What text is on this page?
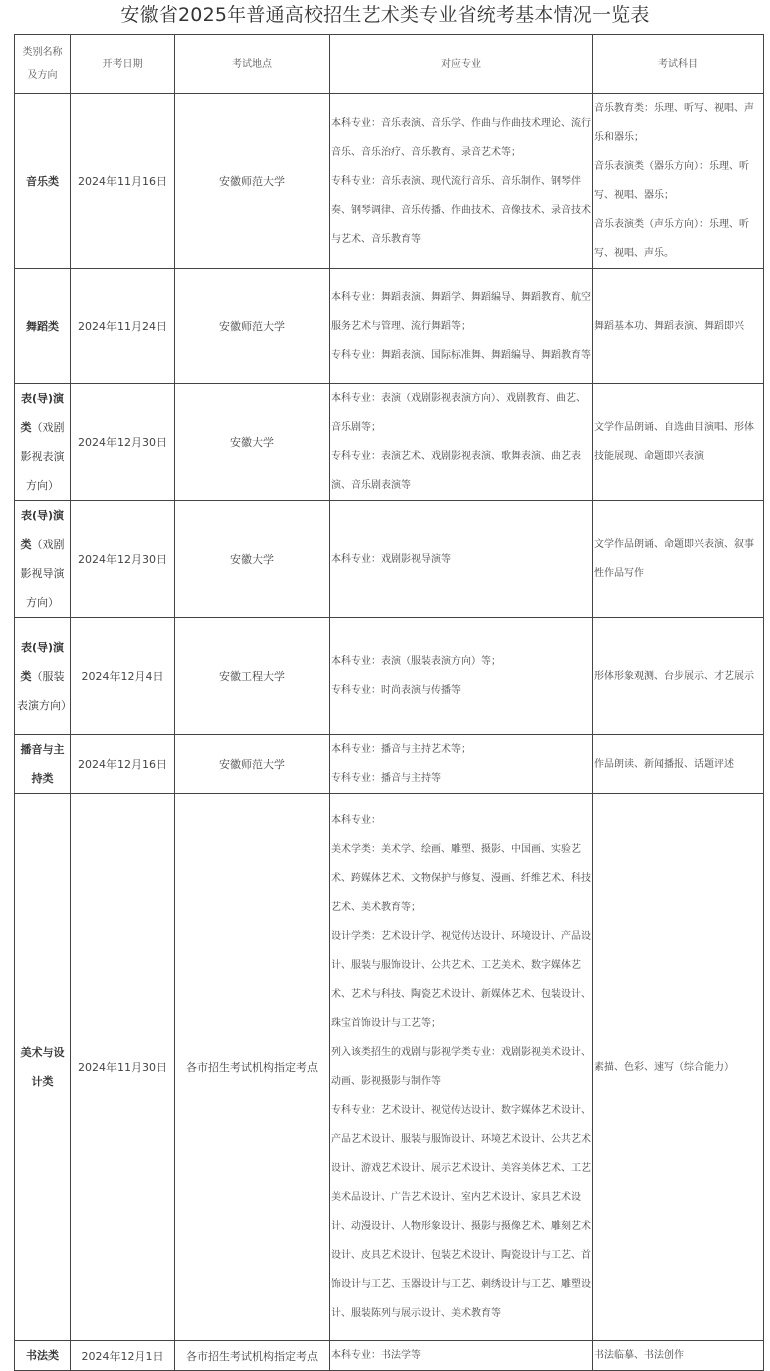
安徽省2025年普通高校招生艺术类专业省统考基本情况一览表
类别名称及方向	开考日期	考试地点	对应专业	考试科目
音乐类	2024年11月16日	安徽师范大学	本科专业：音乐表演、音乐学、作曲与作曲技术理论、流行音乐、音乐治疗、音乐教育、录音艺术等；
专科专业：音乐表演、现代流行音乐、音乐制作、钢琴伴奏、钢琴调律、音乐传播、作曲技术、音像技术、录音技术与艺术、音乐教育等	音乐教育类：乐理、听写、视唱、声乐和器乐；
音乐表演类（器乐方向）：乐理、听写、视唱、器乐；
音乐表演类（声乐方向）：乐理、听写、视唱、声乐。

舞蹈类	2024年11月24日	安徽师范大学	本科专业：舞蹈表演、舞蹈学、舞蹈编导、舞蹈教育、航空服务艺术与管理、流行舞蹈等；
专科专业：舞蹈表演、国际标准舞、舞蹈编导、舞蹈教育等	舞蹈基本功、舞蹈表演、舞蹈即兴

表(导)演类（戏剧影视表演方向）	2024年12月30日	安徽大学	本科专业：表演（戏剧影视表演方向）、戏剧教育、曲艺、音乐剧等；
专科专业：表演艺术、戏剧影视表演、歌舞表演、曲艺表演、音乐剧表演等	文学作品朗诵、自选曲目演唱、形体技能展现、命题即兴表演

表(导)演类（戏剧影视导演方向）	2024年12月30日	安徽大学	本科专业：戏剧影视导演等	文学作品朗诵、命题即兴表演、叙事性作品写作

表(导)演类（服装表演方向）	2024年12月4日	安徽工程大学	本科专业：表演（服装表演方向）等；
专科专业：时尚表演与传播等	形体形象观测、台步展示、才艺展示

播音与主持类	2024年12月16日	安徽师范大学	本科专业：播音与主持艺术等；
专科专业：播音与主持等	作品朗读、新闻播报、话题评述

美术与设计类	2024年11月30日	各市招生考试机构指定考点	本科专业：
美术学类：美术学、绘画、雕塑、摄影、中国画、实验艺术、跨媒体艺术、文物保护与修复、漫画、纤维艺术、科技艺术、美术教育等；
设计学类：艺术设计学、视觉传达设计、环境设计、产品设计、服装与服饰设计、公共艺术、工艺美术、数字媒体艺术、艺术与科技、陶瓷艺术设计、新媒体艺术、包装设计、珠宝首饰设计与工艺等；
列入该类招生的戏剧与影视学类专业：戏剧影视美术设计、动画、影视摄影与制作等
专科专业：艺术设计、视觉传达设计、数字媒体艺术设计、产品艺术设计、服装与服饰设计、环境艺术设计、公共艺术设计、游戏艺术设计、展示艺术设计、美容美体艺术、工艺美术品设计、广告艺术设计、室内艺术设计、家具艺术设计、动漫设计、人物形象设计、摄影与摄像艺术、雕刻艺术设计、皮具艺术设计、包装艺术设计、陶瓷设计与工艺、首饰设计与工艺、玉器设计与工艺、刺绣设计与工艺、雕塑设计、服装陈列与展示设计、美术教育等	素描、色彩、速写（综合能力）

书法类	2024年12月1日	各市招生考试机构指定考点	本科专业：书法学等	书法临摹、书法创作
